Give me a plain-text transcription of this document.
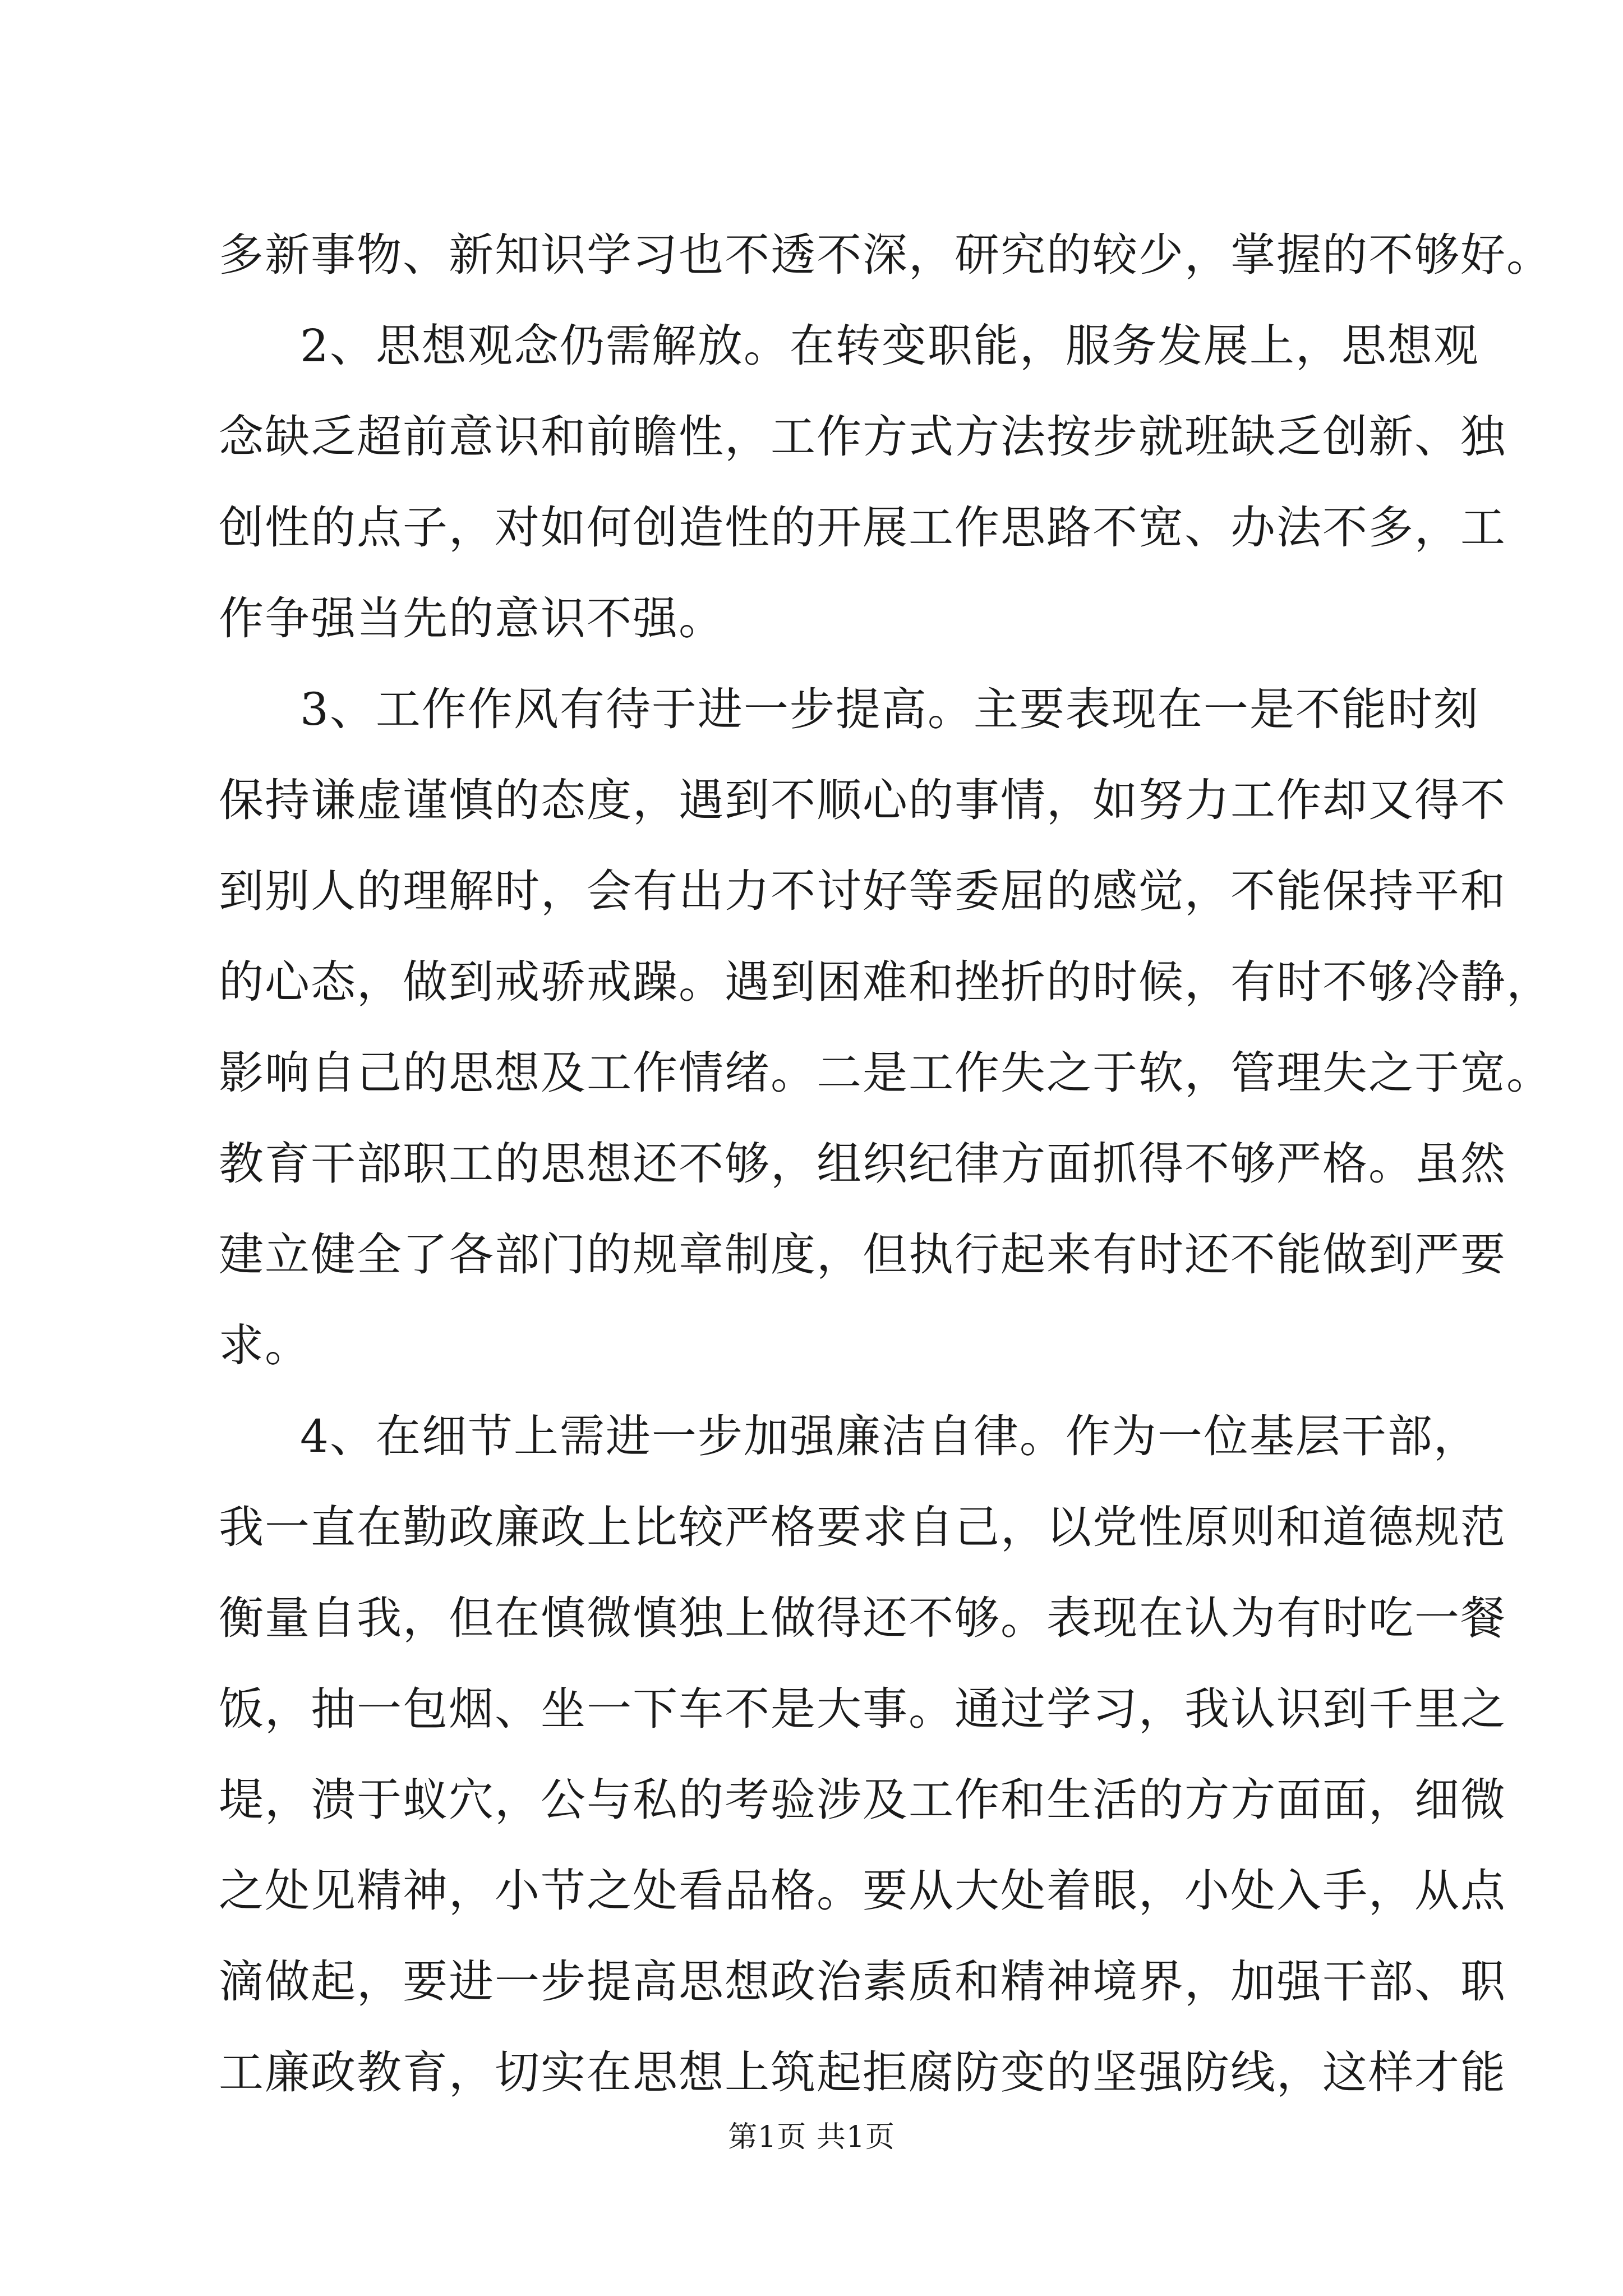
多新事物、新知识学习也不透不深，研究的较少，掌握的不够好。
2、思想观念仍需解放。在转变职能，服务发展上，思想观
念缺乏超前意识和前瞻性，工作方式方法按步就班缺乏创新、独
创性的点子，对如何创造性的开展工作思路不宽、办法不多，工
作争强当先的意识不强。
3、工作作风有待于进一步提高。主要表现在一是不能时刻
保持谦虚谨慎的态度，遇到不顺心的事情，如努力工作却又得不
到别人的理解时，会有出力不讨好等委屈的感觉，不能保持平和
的心态，做到戒骄戒躁。遇到困难和挫折的时候，有时不够冷静，
影响自己的思想及工作情绪。二是工作失之于软，管理失之于宽。
教育干部职工的思想还不够，组织纪律方面抓得不够严格。虽然
建立健全了各部门的规章制度，但执行起来有时还不能做到严要
求。
4、在细节上需进一步加强廉洁自律。作为一位基层干部，
我一直在勤政廉政上比较严格要求自己，以党性原则和道德规范
衡量自我，但在慎微慎独上做得还不够。表现在认为有时吃一餐
饭，抽一包烟、坐一下车不是大事。通过学习，我认识到千里之
堤，溃于蚁穴，公与私的考验涉及工作和生活的方方面面，细微
之处见精神，小节之处看品格。要从大处着眼，小处入手，从点
滴做起，要进一步提高思想政治素质和精神境界，加强干部、职
工廉政教育，切实在思想上筑起拒腐防变的坚强防线，这样才能
第1页 共1页
